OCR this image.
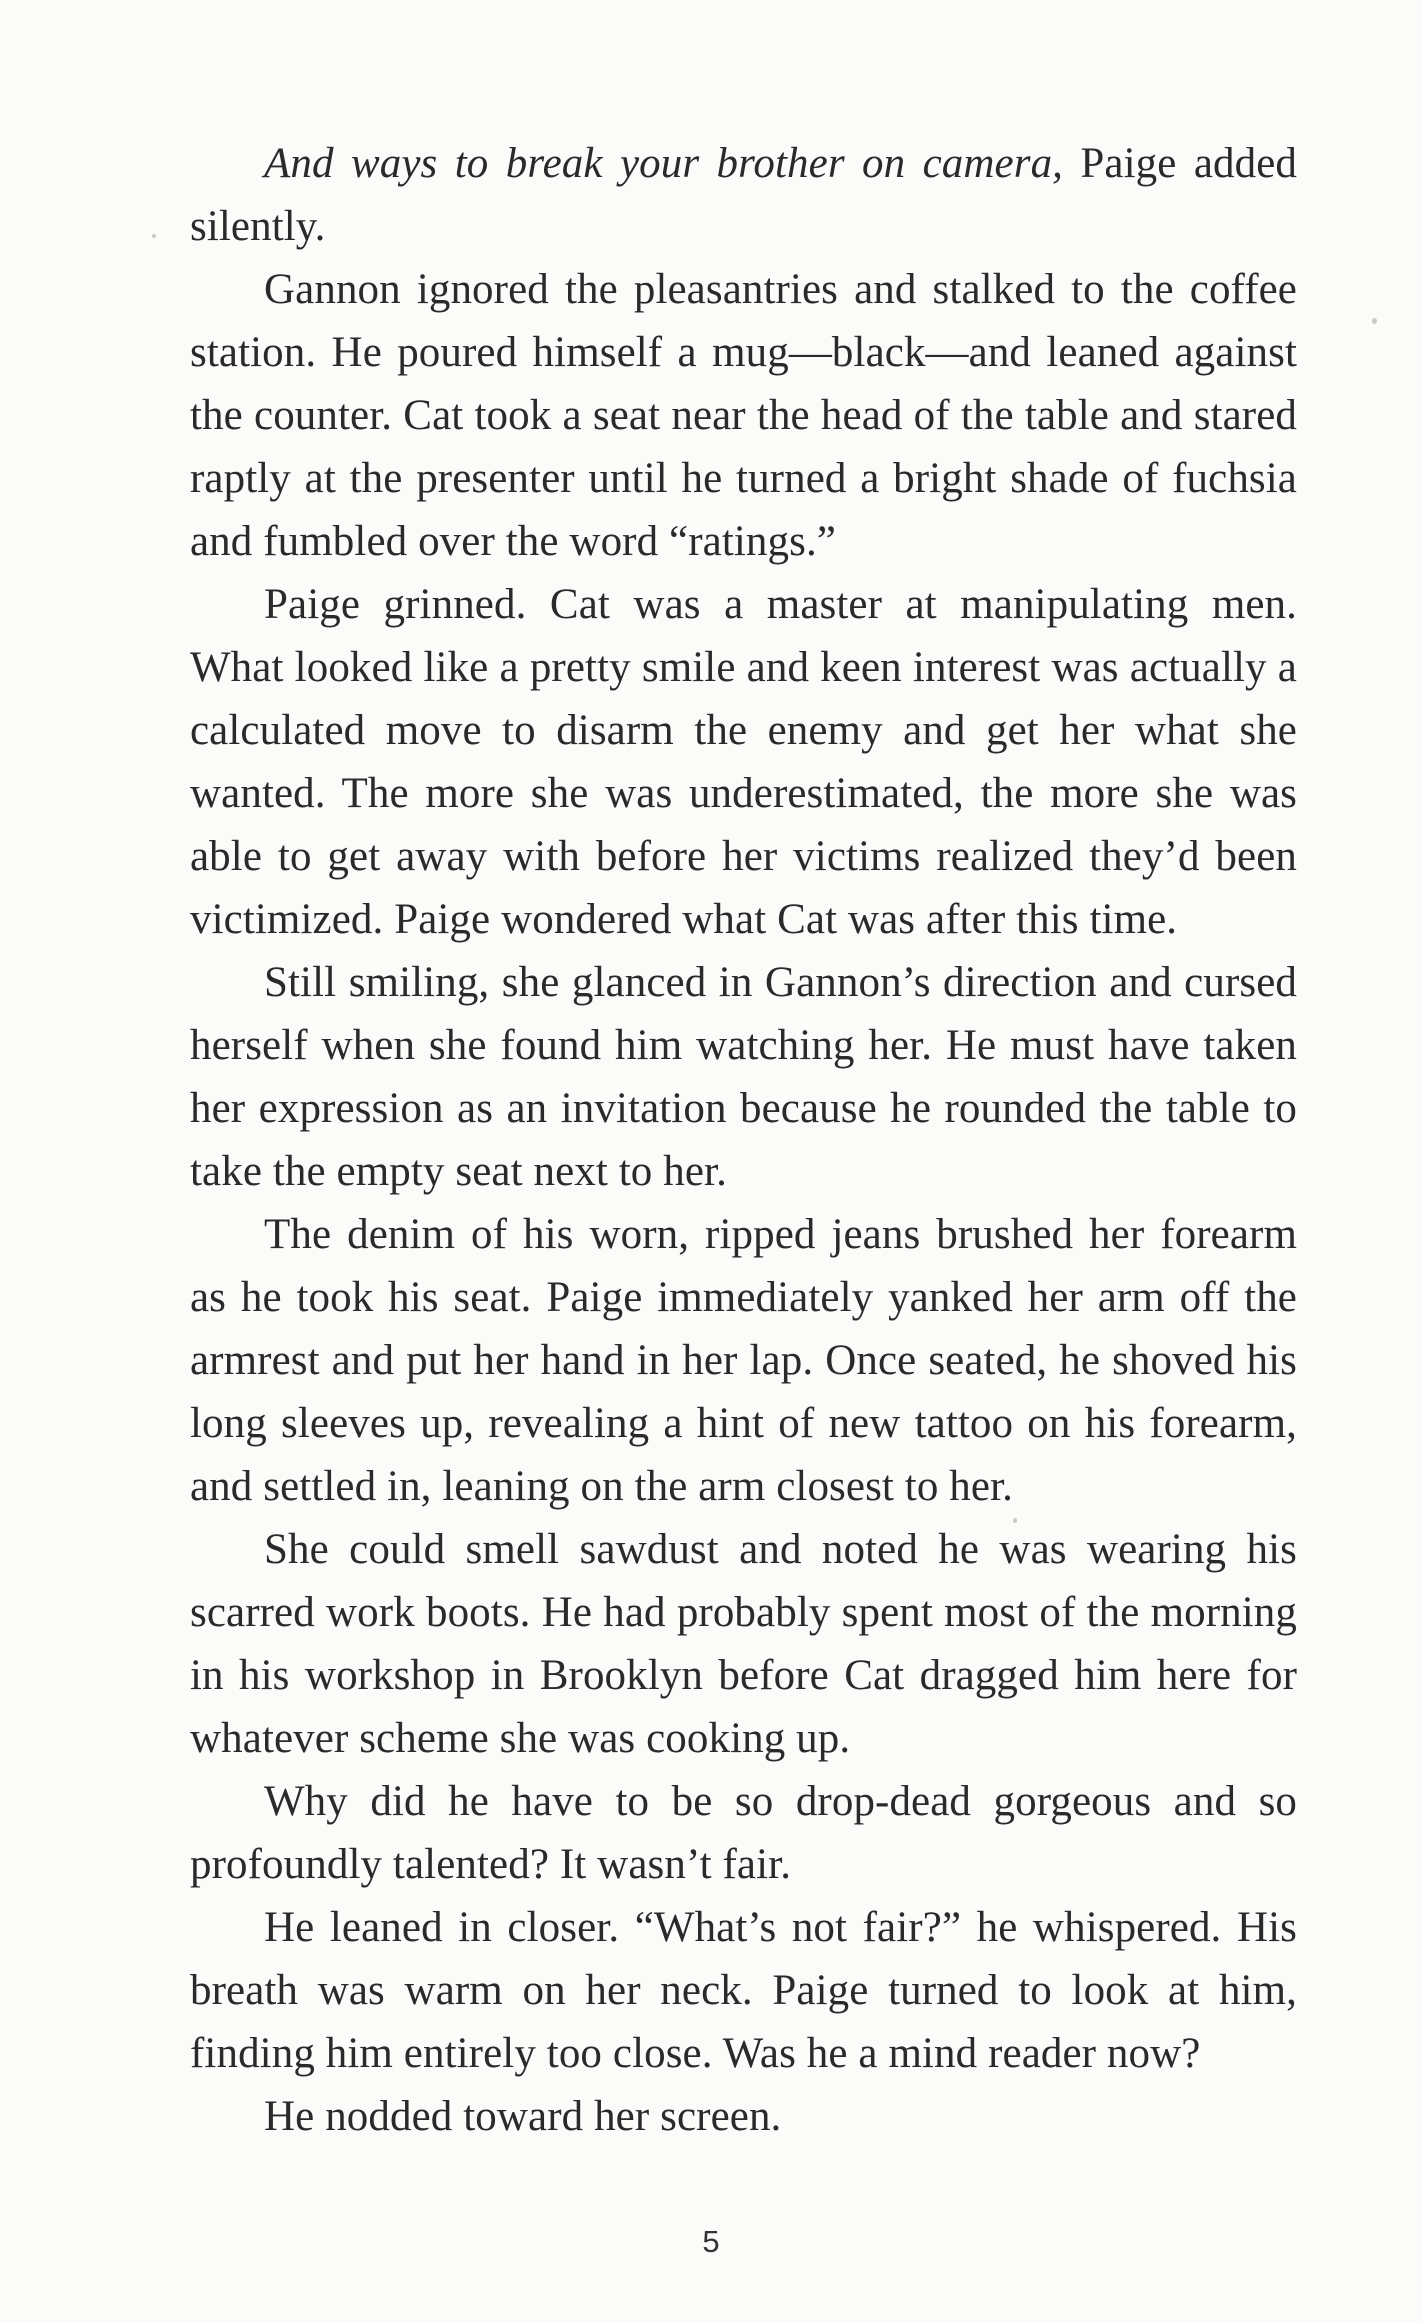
And ways to break your brother on camera, Paige added silently.

Gannon ignored the pleasantries and stalked to the coffee station. He poured himself a mug—black—and leaned against the counter. Cat took a seat near the head of the table and stared raptly at the presenter until he turned a bright shade of fuchsia and fumbled over the word “ratings.”

Paige grinned. Cat was a master at manipulating men. What looked like a pretty smile and keen interest was actually a calculated move to disarm the enemy and get her what she wanted. The more she was underestimated, the more she was able to get away with before her victims realized they’d been victimized. Paige wondered what Cat was after this time.

Still smiling, she glanced in Gannon’s direction and cursed herself when she found him watching her. He must have taken her expression as an invitation because he rounded the table to take the empty seat next to her.

The denim of his worn, ripped jeans brushed her forearm as he took his seat. Paige immediately yanked her arm off the armrest and put her hand in her lap. Once seated, he shoved his long sleeves up, revealing a hint of new tattoo on his forearm, and settled in, leaning on the arm closest to her.

She could smell sawdust and noted he was wearing his scarred work boots. He had probably spent most of the morning in his workshop in Brooklyn before Cat dragged him here for whatever scheme she was cooking up.

Why did he have to be so drop-dead gorgeous and so profoundly talented? It wasn’t fair.

He leaned in closer. “What’s not fair?” he whispered. His breath was warm on her neck. Paige turned to look at him, finding him entirely too close. Was he a mind reader now?

He nodded toward her screen.

5
